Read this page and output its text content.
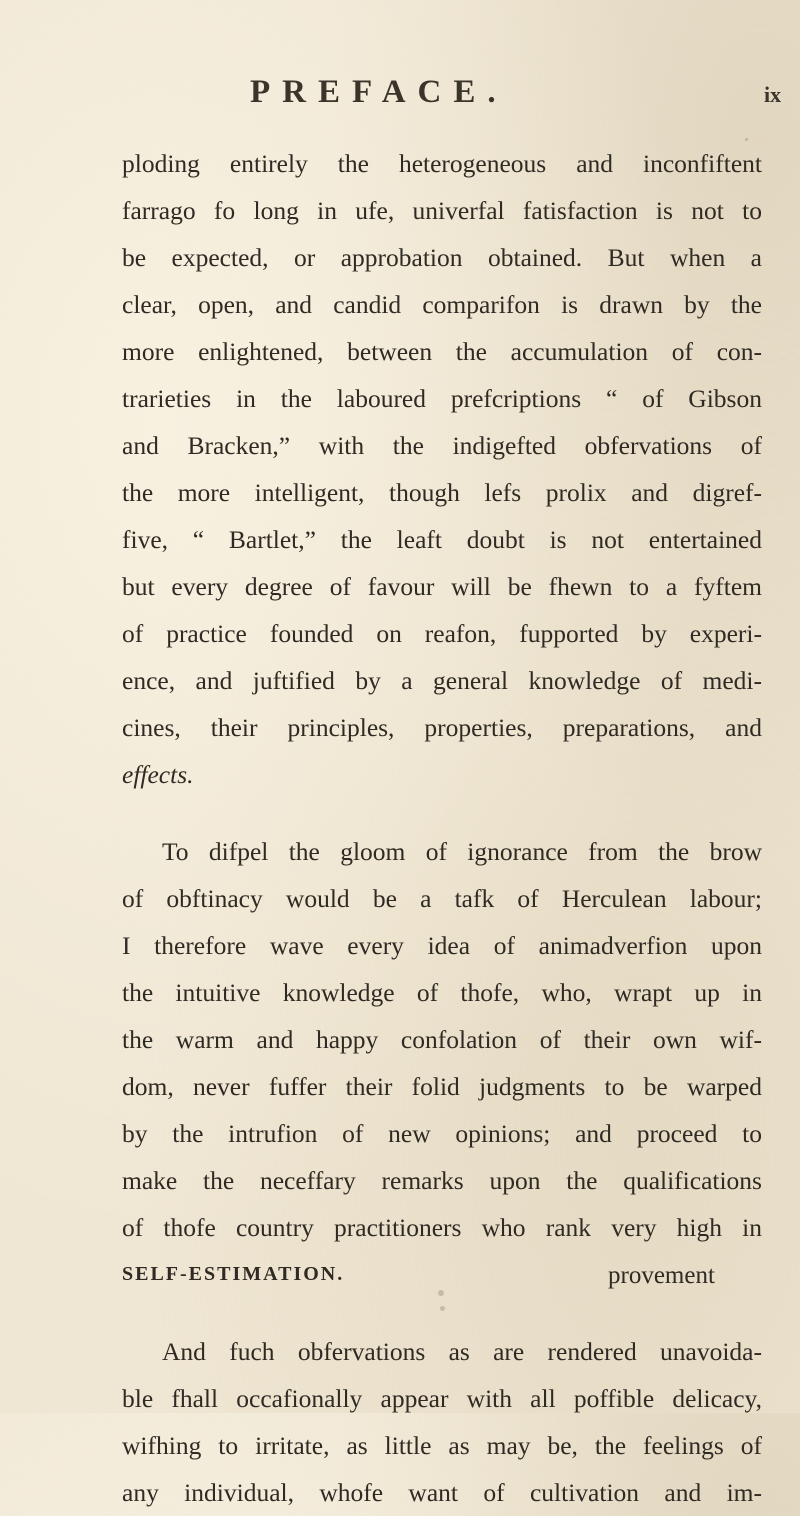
PREFACE.	ix
ploding entirely the heterogeneous and inconfiftent
farrago fo long in ufe, univerfal fatisfaction is not to
be expected, or approbation obtained. But when a
clear, open, and candid comparifon is drawn by the
more enlightened, between the accumulation of con-
trarieties in the laboured prefcriptions “ of Gibson
and Bracken,” with the indigefted obfervations of
the more intelligent, though lefs prolix and digref-
five, “ Bartlet,” the leaft doubt is not entertained
but every degree of favour will be fhewn to a fyftem
of practice founded on reafon, fupported by experi-
ence, and juftified by a general knowledge of medi-
cines, their principles, properties, preparations, and
effects.
To difpel the gloom of ignorance from the brow
of obftinacy would be a tafk of Herculean labour;
I therefore wave every idea of animadverfion upon
the intuitive knowledge of thofe, who, wrapt up in
the warm and happy confolation of their own wif-
dom, never fuffer their folid judgments to be warped
by the intrufion of new opinions; and proceed to
make the neceffary remarks upon the qualifications
of thofe country practitioners who rank very high in
SELF-ESTIMATION.
And fuch obfervations as are rendered unavoida-
ble fhall occafionally appear with all poffible delicacy,
wifhing to irritate, as little as may be, the feelings of
any individual, whofe want of cultivation and im-
provement
